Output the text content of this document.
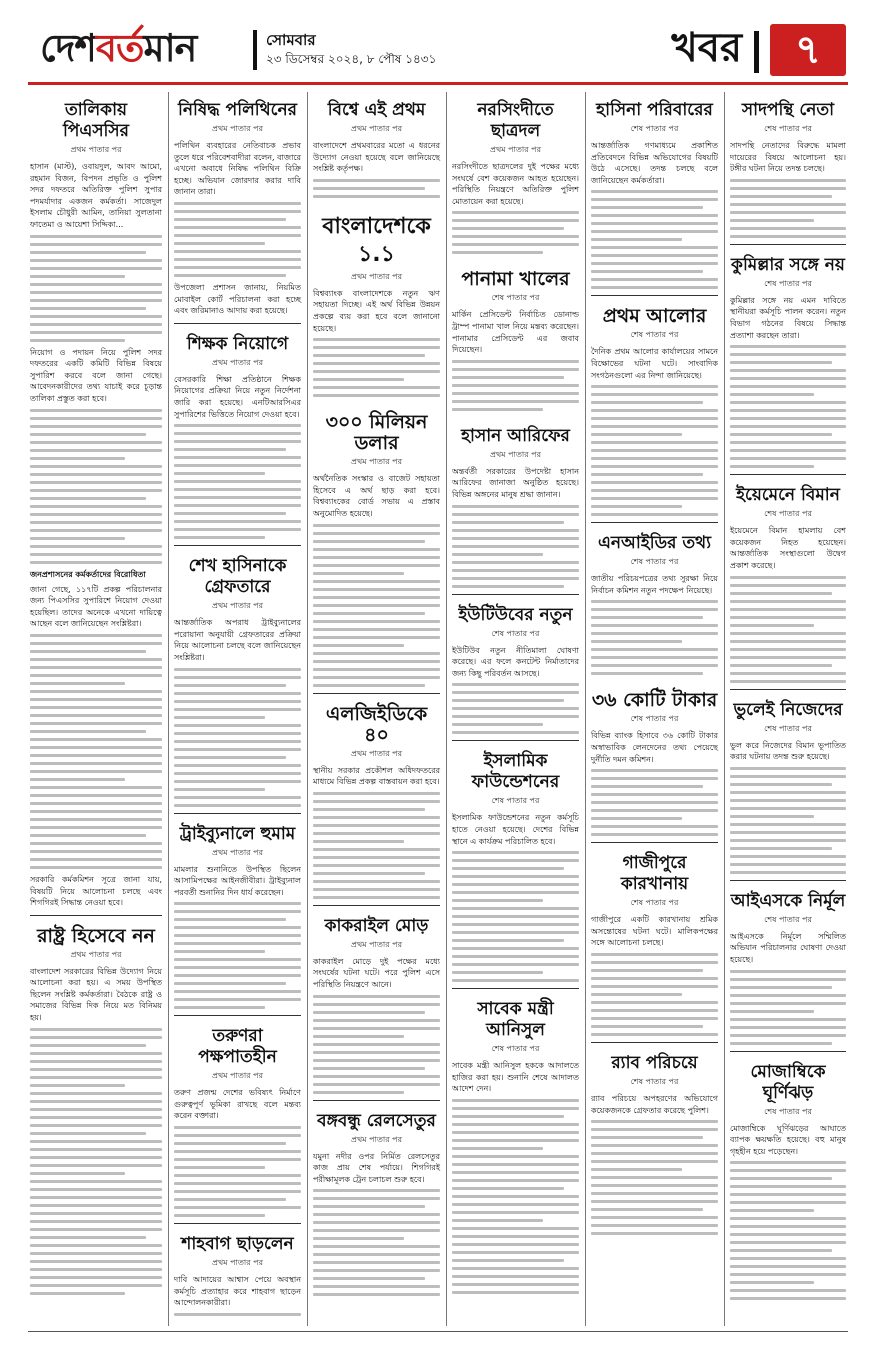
দেশবর্তমান	সোমবার
২৩ ডিসেম্বর ২০২৪, ৮ পৌষ ১৪৩১	খবর	৭
তালিকায় পিএসসির
প্রথম পাতার পর

হাসান (মাস্ট), ওবায়দুল, আবদ আমো, রহমান বিজন, বিপদন প্রভৃতি ও পুলিশ সদর দফতরে অতিরিক্ত পুলিশ সুপার পদমর্যাদার একজন কর্মকর্তা। সাজেদুল ইসলাম চৌধুরী আমিন, তানিয়া সুলতানা ফাতেমা ও আয়েশা সিদ্দিকা...

নিয়োগ ও পদায়ন নিয়ে পুলিশ সদর দফতরের একটি কমিটি বিভিন্ন বিষয়ে সুপারিশ করবে বলে জানা গেছে। আবেদনকারীদের তথ্য যাচাই করে চূড়ান্ত তালিকা প্রস্তুত করা হবে।

জনপ্রশাসনের কর্মকর্তাদের বিরোধিতা

জানা গেছে, ১১৭টি প্রকল্প পরিচালনার জন্য পিএসসির সুপারিশে নিয়োগ দেওয়া হয়েছিল। তাদের অনেকে এখনো দায়িত্বে আছেন বলে জানিয়েছেন সংশ্লিষ্টরা।

সরকারি কর্মকমিশন সূত্রে জানা যায়, বিষয়টি নিয়ে আলোচনা চলছে এবং শিগগিরই সিদ্ধান্ত নেওয়া হবে।

রাষ্ট্র হিসেবে নন
প্রথম পাতার পর

বাংলাদেশ সরকারের বিভিন্ন উদ্যোগ নিয়ে আলোচনা করা হয়। এ সময় উপস্থিত ছিলেন সংশ্লিষ্ট কর্মকর্তারা। বৈঠকে রাষ্ট্র ও সমাজের বিভিন্ন দিক নিয়ে মত বিনিময় হয়।

নিষিদ্ধ পলিথিনের
প্রথম পাতার পর

পলিথিন ব্যবহারের নেতিবাচক প্রভাব তুলে ধরে পরিবেশবাদীরা বলেন, বাজারে এখনো অবাধে নিষিদ্ধ পলিথিন বিক্রি হচ্ছে। অভিযান জোরদার করার দাবি জানান তারা।

উপজেলা প্রশাসন জানায়, নিয়মিত মোবাইল কোর্ট পরিচালনা করা হচ্ছে এবং জরিমানাও আদায় করা হয়েছে।

শিক্ষক নিয়োগে
প্রথম পাতার পর

বেসরকারি শিক্ষা প্রতিষ্ঠানে শিক্ষক নিয়োগের প্রক্রিয়া নিয়ে নতুন নির্দেশনা জারি করা হয়েছে। এনটিআরসিএর সুপারিশের ভিত্তিতে নিয়োগ দেওয়া হবে।

শেখ হাসিনাকে গ্রেফতারে
প্রথম পাতার পর

আন্তর্জাতিক অপরাধ ট্রাইব্যুনালের পরোয়ানা অনুযায়ী গ্রেফতারের প্রক্রিয়া নিয়ে আলোচনা চলছে বলে জানিয়েছেন সংশ্লিষ্টরা।

ট্রাইব্যুনালে হুমাম
প্রথম পাতার পর

মামলার শুনানিতে উপস্থিত ছিলেন আসামিপক্ষের আইনজীবীরা। ট্রাইব্যুনাল পরবর্তী শুনানির দিন ধার্য করেছেন।

তরুণরা পক্ষপাতহীন
প্রথম পাতার পর

তরুণ প্রজন্ম দেশের ভবিষ্যৎ নির্মাণে গুরুত্বপূর্ণ ভূমিকা রাখছে বলে মন্তব্য করেন বক্তারা।

শাহবাগ ছাড়লেন
প্রথম পাতার পর

দাবি আদায়ের আশ্বাস পেয়ে অবস্থান কর্মসূচি প্রত্যাহার করে শাহবাগ ছাড়েন আন্দোলনকারীরা।

বিশ্বে এই প্রথম
প্রথম পাতার পর

বাংলাদেশে প্রথমবারের মতো এ ধরনের উদ্যোগ নেওয়া হয়েছে বলে জানিয়েছে সংশ্লিষ্ট কর্তৃপক্ষ।

বাংলাদেশকে ১.১
প্রথম পাতার পর

বিশ্বব্যাংক বাংলাদেশকে নতুন ঋণ সহায়তা দিচ্ছে। এই অর্থ বিভিন্ন উন্নয়ন প্রকল্পে ব্যয় করা হবে বলে জানানো হয়েছে।

৩০০ মিলিয়ন ডলার
প্রথম পাতার পর

অর্থনৈতিক সংস্কার ও বাজেট সহায়তা হিসেবে এ অর্থ ছাড় করা হবে। বিশ্বব্যাংকের বোর্ড সভায় এ প্রস্তাব অনুমোদিত হয়েছে।

এলজিইডিকে ৪০
প্রথম পাতার পর

স্থানীয় সরকার প্রকৌশল অধিদফতরের মাধ্যমে বিভিন্ন প্রকল্প বাস্তবায়ন করা হবে।

কাকরাইল মোড়
প্রথম পাতার পর

কাকরাইল মোড়ে দুই পক্ষের মধ্যে সংঘর্ষের ঘটনা ঘটে। পরে পুলিশ এসে পরিস্থিতি নিয়ন্ত্রণে আনে।

বঙ্গবন্ধু রেলসেতুর
প্রথম পাতার পর

যমুনা নদীর ওপর নির্মিত রেলসেতুর কাজ প্রায় শেষ পর্যায়ে। শিগগিরই পরীক্ষামূলক ট্রেন চলাচল শুরু হবে।

নরসিংদীতে ছাত্রদল
প্রথম পাতার পর

নরসিংদীতে ছাত্রদলের দুই পক্ষের মধ্যে সংঘর্ষে বেশ কয়েকজন আহত হয়েছেন। পরিস্থিতি নিয়ন্ত্রণে অতিরিক্ত পুলিশ মোতায়েন করা হয়েছে।

পানামা খালের
শেষ পাতার পর

মার্কিন প্রেসিডেন্ট নির্বাচিত ডোনাল্ড ট্রাম্প পানামা খাল নিয়ে মন্তব্য করেছেন। পানামার প্রেসিডেন্ট এর জবাব দিয়েছেন।

হাসান আরিফের
প্রথম পাতার পর

অন্তর্বর্তী সরকারের উপদেষ্টা হাসান আরিফের জানাজা অনুষ্ঠিত হয়েছে। বিভিন্ন অঙ্গনের মানুষ শ্রদ্ধা জানান।

ইউটিউবের নতুন
শেষ পাতার পর

ইউটিউব নতুন নীতিমালা ঘোষণা করেছে। এর ফলে কনটেন্ট নির্মাতাদের জন্য কিছু পরিবর্তন আসছে।

ইসলামিক ফাউন্ডেশনের
শেষ পাতার পর

ইসলামিক ফাউন্ডেশনের নতুন কর্মসূচি হাতে নেওয়া হয়েছে। দেশের বিভিন্ন স্থানে এ কার্যক্রম পরিচালিত হবে।

সাবেক মন্ত্রী আনিসুল
শেষ পাতার পর

সাবেক মন্ত্রী আনিসুল হককে আদালতে হাজির করা হয়। শুনানি শেষে আদালত আদেশ দেন।

হাসিনা পরিবারের
শেষ পাতার পর

আন্তর্জাতিক গণমাধ্যমে প্রকাশিত প্রতিবেদনে বিভিন্ন অভিযোগের বিষয়টি উঠে এসেছে। তদন্ত চলছে বলে জানিয়েছেন কর্মকর্তারা।

প্রথম আলোর
শেষ পাতার পর

দৈনিক প্রথম আলোর কার্যালয়ের সামনে বিক্ষোভের ঘটনা ঘটে। সাংবাদিক সংগঠনগুলো এর নিন্দা জানিয়েছে।

এনআইডির তথ্য
শেষ পাতার পর

জাতীয় পরিচয়পত্রের তথ্য সুরক্ষা নিয়ে নির্বাচন কমিশন নতুন পদক্ষেপ নিয়েছে।

৩৬ কোটি টাকার
শেষ পাতার পর

বিভিন্ন ব্যাংক হিসাবে ৩৬ কোটি টাকার অস্বাভাবিক লেনদেনের তথ্য পেয়েছে দুর্নীতি দমন কমিশন।

গাজীপুরে কারখানায়
শেষ পাতার পর

গাজীপুরে একটি কারখানায় শ্রমিক অসন্তোষের ঘটনা ঘটে। মালিকপক্ষের সঙ্গে আলোচনা চলছে।

র‍্যাব পরিচয়ে
শেষ পাতার পর

র‍্যাব পরিচয়ে অপহরণের অভিযোগে কয়েকজনকে গ্রেফতার করেছে পুলিশ।

সাদপন্থি নেতা
শেষ পাতার পর

সাদপন্থি নেতাদের বিরুদ্ধে মামলা দায়েরের বিষয়ে আলোচনা হয়। টঙ্গীর ঘটনা নিয়ে তদন্ত চলছে।

কুমিল্লার সঙ্গে নয়
শেষ পাতার পর

কুমিল্লার সঙ্গে নয় এমন দাবিতে স্থানীয়রা কর্মসূচি পালন করেন। নতুন বিভাগ গঠনের বিষয়ে সিদ্ধান্ত প্রত্যাশা করছেন তারা।

ইয়েমেনে বিমান
শেষ পাতার পর

ইয়েমেনে বিমান হামলায় বেশ কয়েকজন নিহত হয়েছেন। আন্তর্জাতিক সংস্থাগুলো উদ্বেগ প্রকাশ করেছে।

ভুলেই নিজেদের
শেষ পাতার পর

ভুল করে নিজেদের বিমান ভূপাতিত করার ঘটনায় তদন্ত শুরু হয়েছে।

আইএসকে নির্মূল
শেষ পাতার পর

আইএসকে নির্মূলে সম্মিলিত অভিযান পরিচালনার ঘোষণা দেওয়া হয়েছে।

মোজাম্বিকে ঘূর্ণিঝড়
শেষ পাতার পর

মোজাম্বিকে ঘূর্ণিঝড়ের আঘাতে ব্যাপক ক্ষয়ক্ষতি হয়েছে। বহু মানুষ গৃহহীন হয়ে পড়েছেন।
